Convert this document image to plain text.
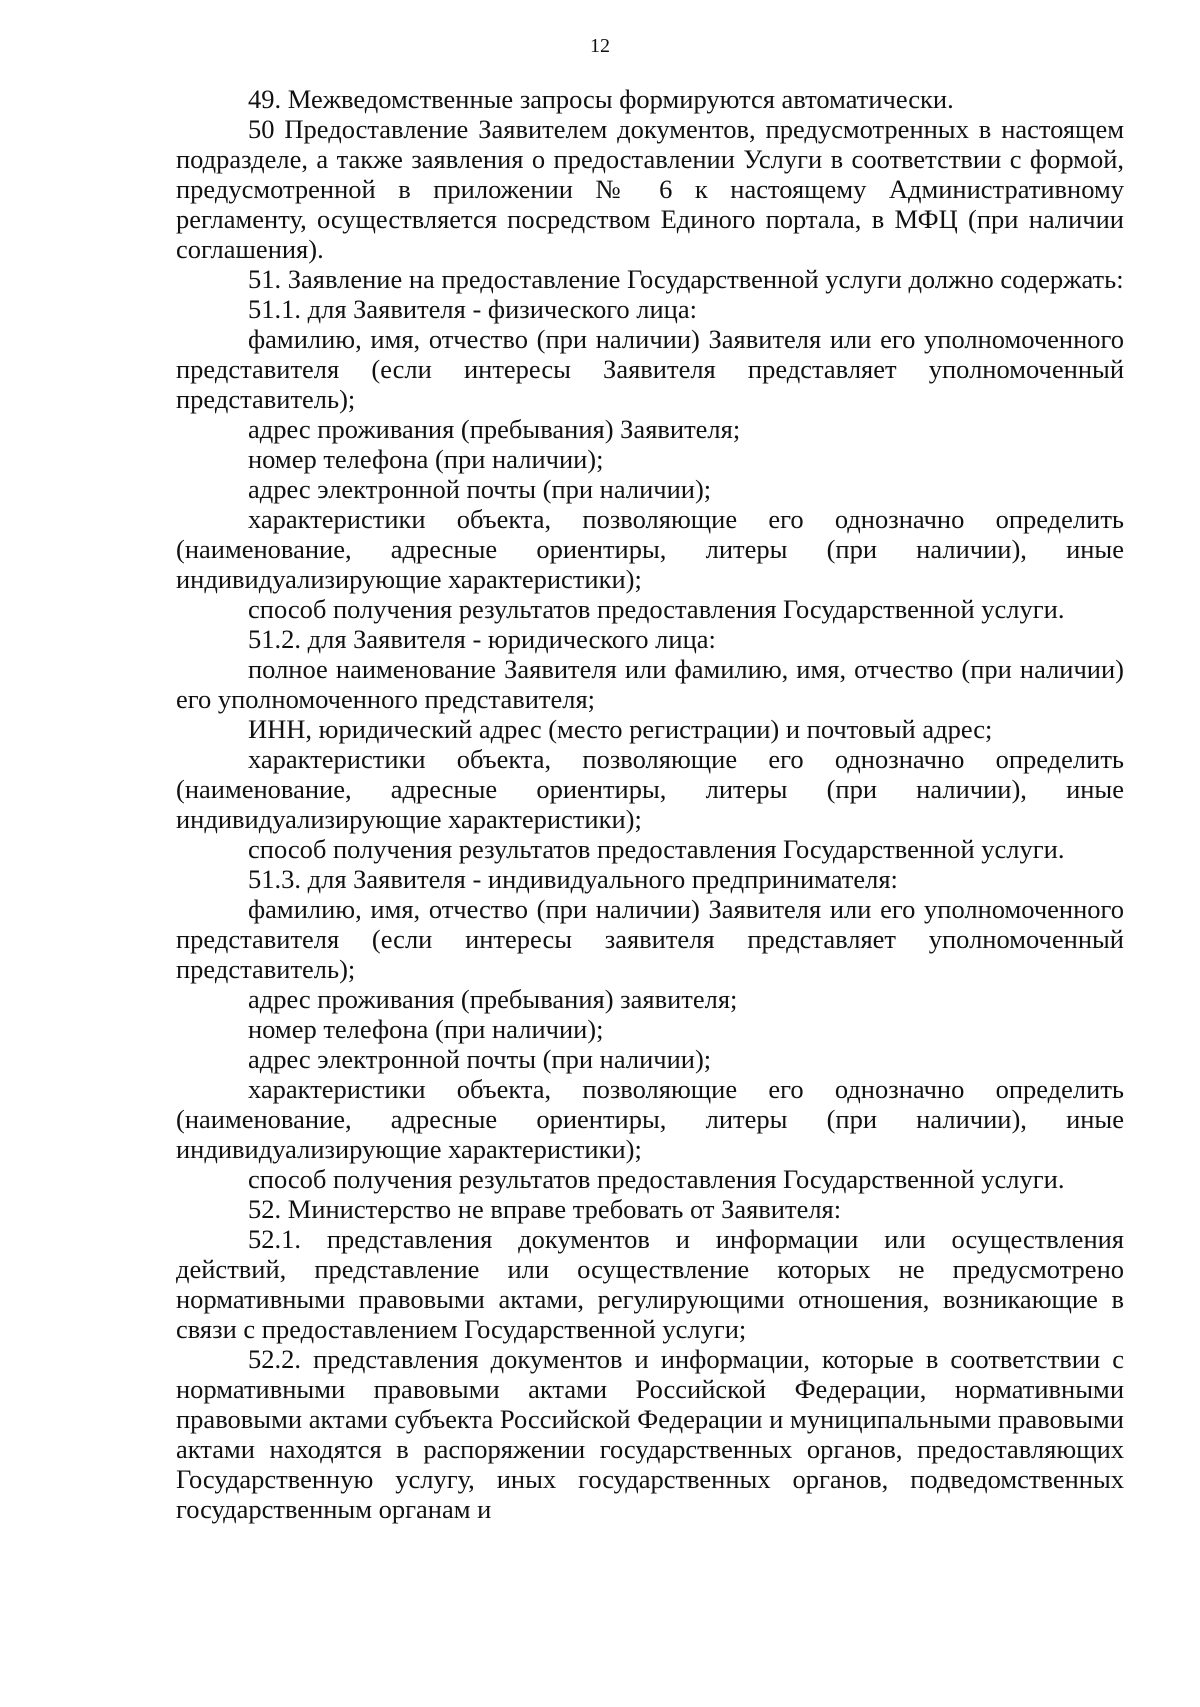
12

49. Межведомственные запросы формируются автоматически.

50 Предоставление Заявителем документов, предусмотренных в настоящем подразделе, а также заявления о предоставлении Услуги в соответствии с формой, предусмотренной в приложении № 6 к настоящему Административному регламенту, осуществляется посредством Единого портала, в МФЦ (при наличии соглашения).

51. Заявление на предоставление Государственной услуги должно содержать:

51.1. для Заявителя - физического лица:

фамилию, имя, отчество (при наличии) Заявителя или его уполномоченного представителя (если интересы Заявителя представляет уполномоченный представитель);

адрес проживания (пребывания) Заявителя;

номер телефона (при наличии);

адрес электронной почты (при наличии);

характеристики объекта, позволяющие его однозначно определить (наименование, адресные ориентиры, литеры (при наличии), иные индивидуализирующие характеристики);

способ получения результатов предоставления Государственной услуги.

51.2. для Заявителя - юридического лица:

полное наименование Заявителя или фамилию, имя, отчество (при наличии) его уполномоченного представителя;

ИНН, юридический адрес (место регистрации) и почтовый адрес;

характеристики объекта, позволяющие его однозначно определить (наименование, адресные ориентиры, литеры (при наличии), иные индивидуализирующие характеристики);

способ получения результатов предоставления Государственной услуги.

51.3. для Заявителя - индивидуального предпринимателя:

фамилию, имя, отчество (при наличии) Заявителя или его уполномоченного представителя (если интересы заявителя представляет уполномоченный представитель);

адрес проживания (пребывания) заявителя;

номер телефона (при наличии);

адрес электронной почты (при наличии);

характеристики объекта, позволяющие его однозначно определить (наименование, адресные ориентиры, литеры (при наличии), иные индивидуализирующие характеристики);

способ получения результатов предоставления Государственной услуги.

52. Министерство не вправе требовать от Заявителя:

52.1. представления документов и информации или осуществления действий, представление или осуществление которых не предусмотрено нормативными правовыми актами, регулирующими отношения, возникающие в связи с предоставлением Государственной услуги;

52.2. представления документов и информации, которые в соответствии с нормативными правовыми актами Российской Федерации, нормативными правовыми актами субъекта Российской Федерации и муниципальными правовыми актами находятся в распоряжении государственных органов, предоставляющих Государственную услугу, иных государственных органов, подведомственных государственным органам и
